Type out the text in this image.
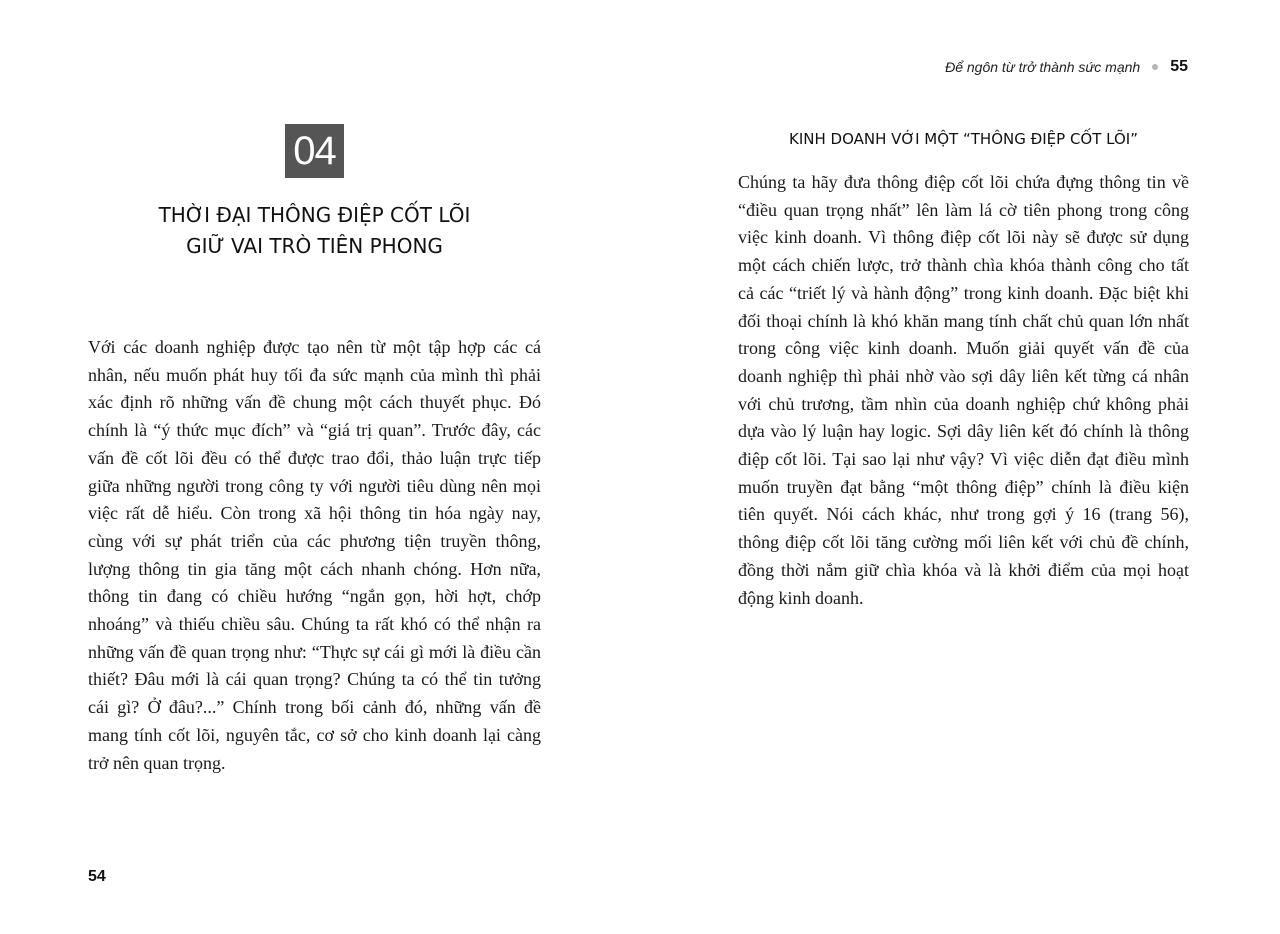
04
THỜI ĐẠI THÔNG ĐIỆP CỐT LÕI
GIỮ VAI TRÒ TIÊN PHONG
Với các doanh nghiệp được tạo nên từ một tập hợp các cá nhân, nếu muốn phát huy tối đa sức mạnh của mình thì phải xác định rõ những vấn đề chung một cách thuyết phục. Đó chính là “ý thức mục đích” và “giá trị quan”. Trước đây, các vấn đề cốt lõi đều có thể được trao đổi, thảo luận trực tiếp giữa những người trong công ty với người tiêu dùng nên mọi việc rất dễ hiểu. Còn trong xã hội thông tin hóa ngày nay, cùng với sự phát triển của các phương tiện truyền thông, lượng thông tin gia tăng một cách nhanh chóng. Hơn nữa, thông tin đang có chiều hướng “ngắn gọn, hời hợt, chớp nhoáng” và thiếu chiều sâu. Chúng ta rất khó có thể nhận ra những vấn đề quan trọng như: “Thực sự cái gì mới là điều cần thiết? Đâu mới là cái quan trọng? Chúng ta có thể tin tưởng cái gì? Ở đâu?...” Chính trong bối cảnh đó, những vấn đề mang tính cốt lõi, nguyên tắc, cơ sở cho kinh doanh lại càng trở nên quan trọng.
54
Để ngôn từ trở thành sức mạnh 55
KINH DOANH VỚI MỘT “THÔNG ĐIỆP CỐT LÕI”
Chúng ta hãy đưa thông điệp cốt lõi chứa đựng thông tin về “điều quan trọng nhất” lên làm lá cờ tiên phong trong công việc kinh doanh. Vì thông điệp cốt lõi này sẽ được sử dụng một cách chiến lược, trở thành chìa khóa thành công cho tất cả các “triết lý và hành động” trong kinh doanh. Đặc biệt khi đối thoại chính là khó khăn mang tính chất chủ quan lớn nhất trong công việc kinh doanh. Muốn giải quyết vấn đề của doanh nghiệp thì phải nhờ vào sợi dây liên kết từng cá nhân với chủ trương, tầm nhìn của doanh nghiệp chứ không phải dựa vào lý luận hay logic. Sợi dây liên kết đó chính là thông điệp cốt lõi. Tại sao lại như vậy? Vì việc diễn đạt điều mình muốn truyền đạt bằng “một thông điệp” chính là điều kiện tiên quyết. Nói cách khác, như trong gợi ý 16 (trang 56), thông điệp cốt lõi tăng cường mối liên kết với chủ đề chính, đồng thời nắm giữ chìa khóa và là khởi điểm của mọi hoạt động kinh doanh.
